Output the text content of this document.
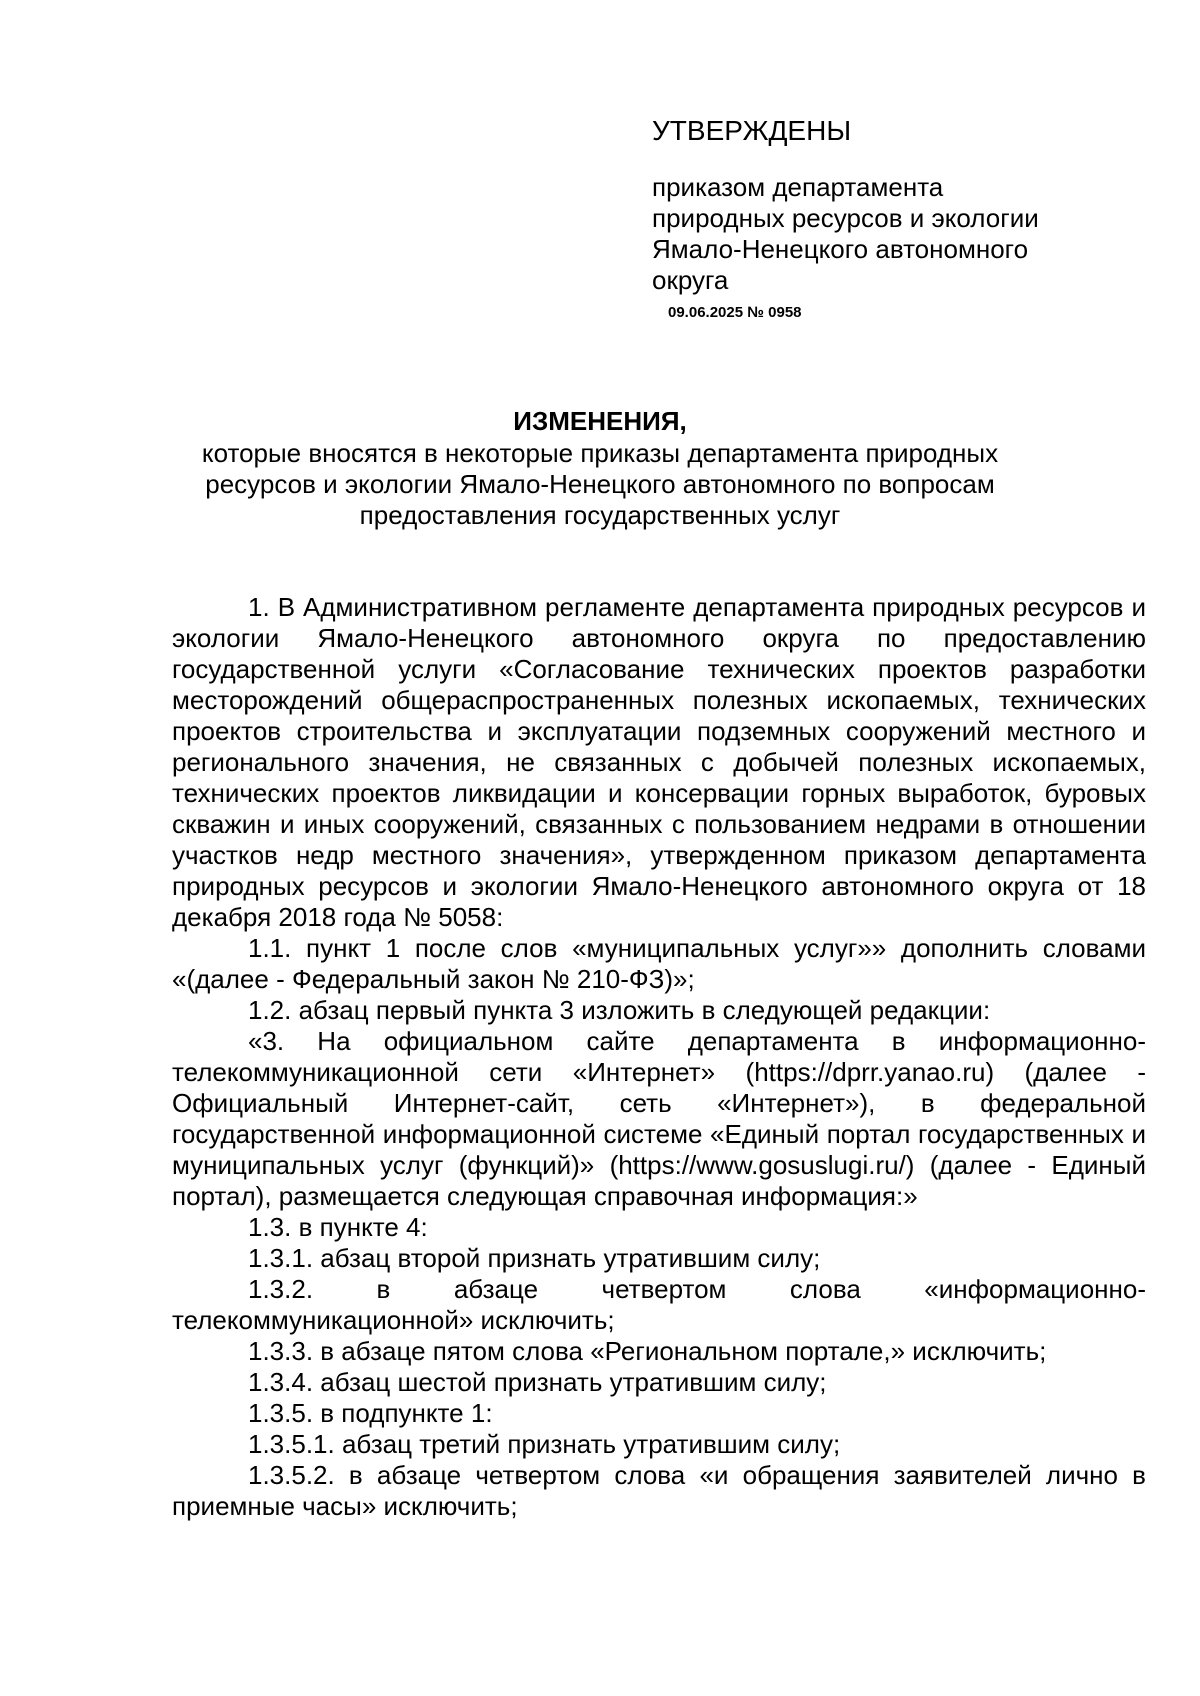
УТВЕРЖДЕНЫ
приказом департамента
природных ресурсов и экологии
Ямало-Ненецкого автономного
округа
09.06.2025 № 0958
ИЗМЕНЕНИЯ,
которые вносятся в некоторые приказы департамента природных
ресурсов и экологии Ямало-Ненецкого автономного по вопросам
предоставления государственных услуг

1. В Административном регламенте департамента природных ресурсов и экологии Ямало-Ненецкого автономного округа по предоставлению государственной услуги «Согласование технических проектов разработки месторождений общераспространенных полезных ископаемых, технических проектов строительства и эксплуатации подземных сооружений местного и регионального значения, не связанных с добычей полезных ископаемых, технических проектов ликвидации и консервации горных выработок, буровых скважин и иных сооружений, связанных с пользованием недрами в отношении участков недр местного значения», утвержденном приказом департамента природных ресурсов и экологии Ямало-Ненецкого автономного округа от 18 декабря 2018 года № 5058:

1.1. пункт 1 после слов «муниципальных услуг»» дополнить словами «(далее - Федеральный закон № 210-ФЗ)»;

1.2. абзац первый пункта 3 изложить в следующей редакции:

«3. На официальном сайте департамента в информационно-телекоммуникационной сети «Интернет» (https://dprr.yanao.ru) (далее - Официальный Интернет-сайт, сеть «Интернет»), в федеральной государственной информационной системе «Единый портал государственных и муниципальных услуг (функций)» (https://www.gosuslugi.ru/) (далее - Единый портал), размещается следующая справочная информация:»

1.3. в пункте 4:

1.3.1. абзац второй признать утратившим силу;

1.3.2. в абзаце четвертом слова «информационно-телекоммуникационной» исключить;

1.3.3. в абзаце пятом слова «Региональном портале,» исключить;

1.3.4. абзац шестой признать утратившим силу;

1.3.5. в подпункте 1:

1.3.5.1. абзац третий признать утратившим силу;

1.3.5.2. в абзаце четвертом слова «и обращения заявителей лично в приемные часы» исключить;
